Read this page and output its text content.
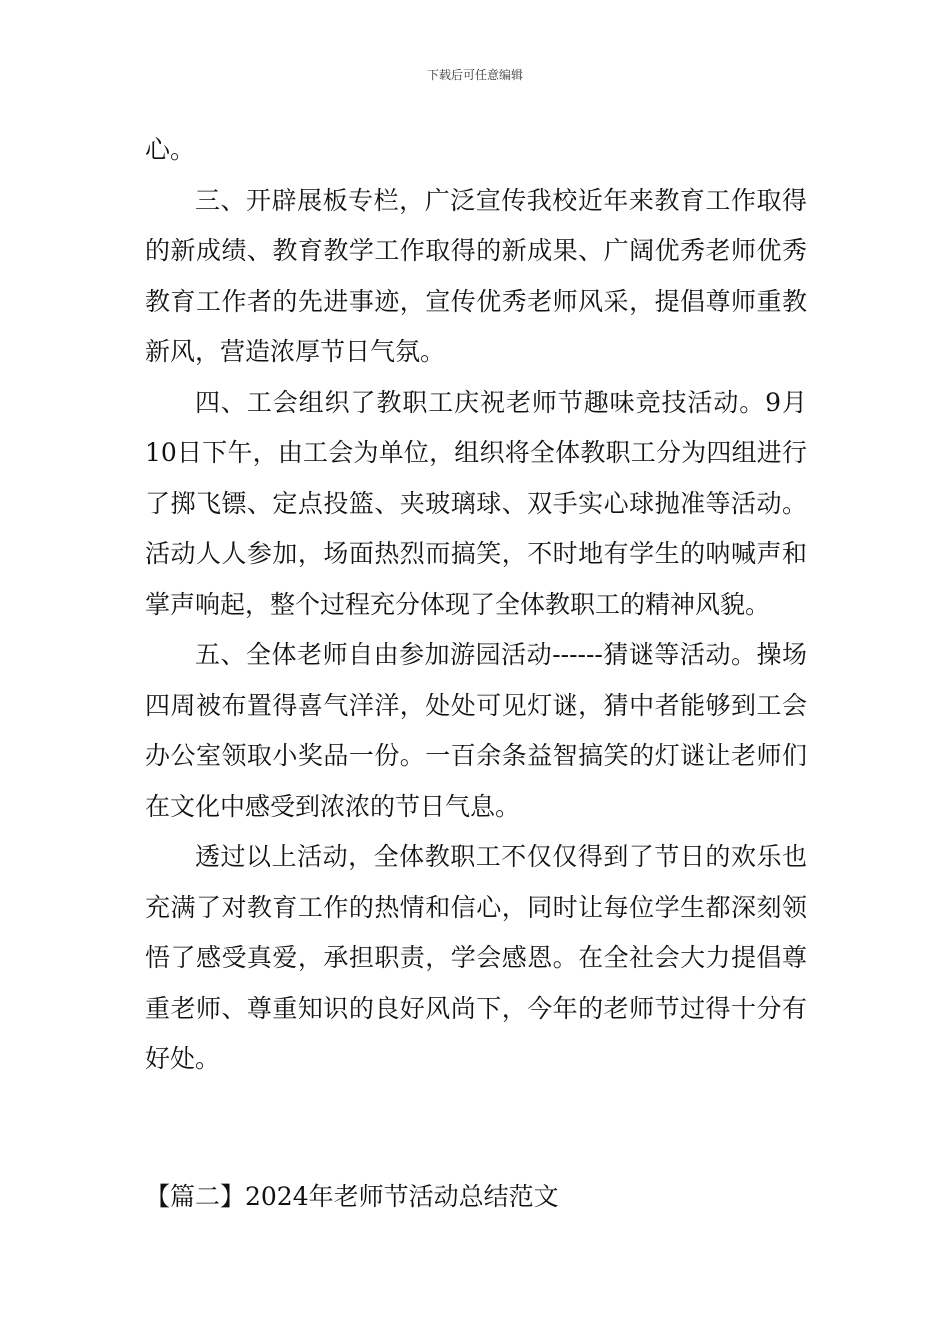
下载后可任意编辑

心。

三、开辟展板专栏，广泛宣传我校近年来教育工作取得的新成绩、教育教学工作取得的新成果、广阔优秀老师优秀教育工作者的先进事迹，宣传优秀老师风采，提倡尊师重教新风，营造浓厚节日气氛。

四、工会组织了教职工庆祝老师节趣味竞技活动。9月10日下午，由工会为单位，组织将全体教职工分为四组进行了掷飞镖、定点投篮、夹玻璃球、双手实心球抛准等活动。活动人人参加，场面热烈而搞笑，不时地有学生的呐喊声和掌声响起，整个过程充分体现了全体教职工的精神风貌。

五、全体老师自由参加游园活动------猜谜等活动。操场四周被布置得喜气洋洋，处处可见灯谜，猜中者能够到工会办公室领取小奖品一份。一百余条益智搞笑的灯谜让老师们在文化中感受到浓浓的节日气息。

透过以上活动，全体教职工不仅仅得到了节日的欢乐也充满了对教育工作的热情和信心，同时让每位学生都深刻领悟了感受真爱，承担职责，学会感恩。在全社会大力提倡尊重老师、尊重知识的良好风尚下，今年的老师节过得十分有好处。

【篇二】2024年老师节活动总结范文
